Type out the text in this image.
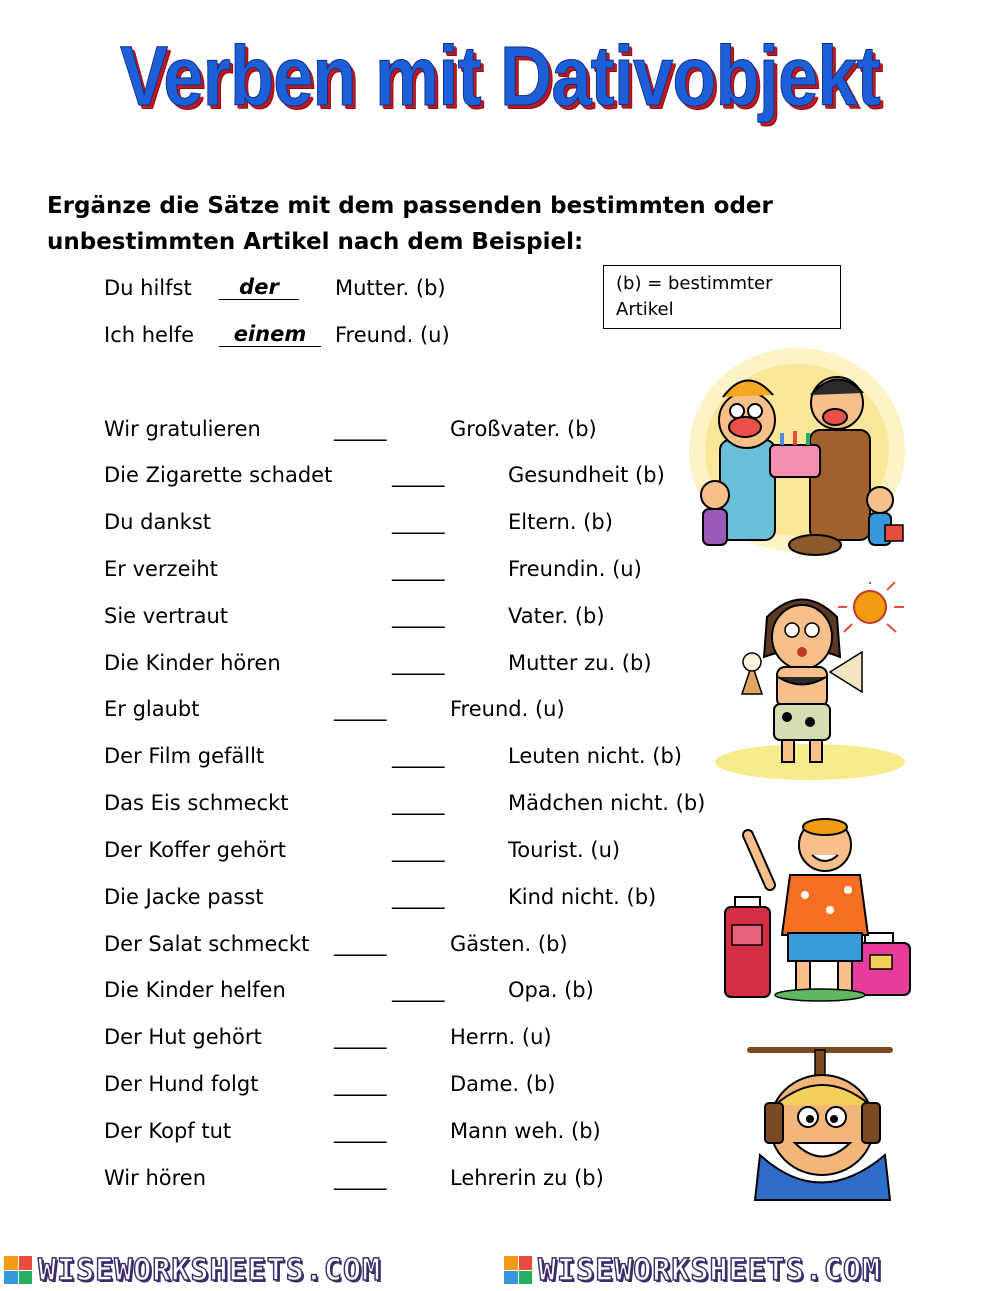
Verben mit Dativobjekt
Ergänze die Sätze mit dem passenden bestimmten oder unbestimmten Artikel nach dem Beispiel:
Du hilfst	der	Mutter. (b)
Ich helfe	einem	Freund. (u)
(b) = bestimmter Artikel
Wir gratulieren	_____	Großvater. (b)
Die Zigarette schadet	_____	Gesundheit (b)
Du dankst	_____	Eltern. (b)
Er verzeiht	_____	Freundin. (u)
Sie vertraut	_____	Vater. (b)
Die Kinder hören	_____	Mutter zu. (b)
Er glaubt	_____	Freund. (u)
Der Film gefällt	_____	Leuten nicht. (b)
Das Eis schmeckt	_____	Mädchen nicht. (b)
Der Koffer gehört	_____	Tourist. (u)
Die Jacke passt	_____	Kind nicht. (b)
Der Salat schmeckt _____	Gästen. (b)
Die Kinder helfen	_____	Opa. (b)
Der Hut gehört	_____	Herrn. (u)
Der Hund folgt	_____	Dame. (b)
Der Kopf tut	_____	Mann weh. (b)
Wir hören	_____	Lehrerin zu (b)
WISEWORKSHEETS.COM	WISEWORKSHEETS.COM
